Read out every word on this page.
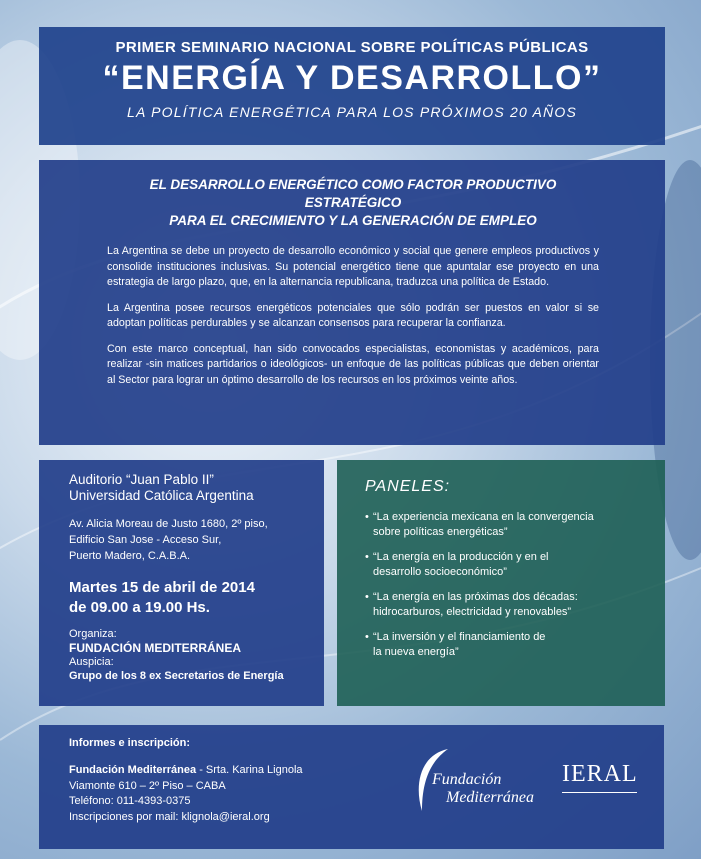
PRIMER SEMINARIO NACIONAL SOBRE POLÍTICAS PÚBLICAS
“ENERGÍA Y DESARROLLO”
LA POLÍTICA ENERGÉTICA PARA LOS PRÓXIMOS 20 AÑOS
EL DESARROLLO ENERGÉTICO COMO FACTOR PRODUCTIVO ESTRATÉGICO
PARA EL CRECIMIENTO Y LA GENERACIÓN DE EMPLEO

La Argentina se debe un proyecto de desarrollo económico y social que genere empleos productivos y consolide instituciones inclusivas. Su potencial energético tiene que apuntalar ese proyecto en una estrategia de largo plazo, que, en la alternancia republicana, traduzca una política de Estado.

La Argentina posee recursos energéticos potenciales que sólo podrán ser puestos en valor si se adoptan políticas perdurables y se alcanzan consensos para recuperar la confianza.

Con este marco conceptual, han sido convocados especialistas, economistas y académicos, para realizar -sin matices partidarios o ideológicos- un enfoque de las políticas públicas que deben orientar al Sector para lograr un óptimo desarrollo de los recursos en los próximos veinte años.

Auditorio “Juan Pablo II”
Universidad Católica Argentina
Av. Alicia Moreau de Justo 1680, 2º piso,
Edificio San Jose - Acceso Sur,
Puerto Madero, C.A.B.A.
Martes 15 de abril de 2014
de 09.00 a 19.00 Hs.
Organiza:
FUNDACIÓN MEDITERRÁNEA
Auspicia:
Grupo de los 8 ex Secretarios de Energía
PANELES:
• “La experiencia mexicana en la convergencia
sobre políticas energéticas”
• “La energía en la producción y en el
desarrollo socioeconómico”
• “La energía en las próximas dos décadas:
hidrocarburos, electricidad y renovables”
• “La inversión y el financiamiento de
la nueva energía”
Informes e inscripción:
Fundación Mediterránea - Srta. Karina Lignola
Viamonte 610 – 2º Piso – CABA
Teléfono: 011-4393-0375
Inscripciones por mail: klignola@ieral.org
Fundación
Mediterránea
IERAL
